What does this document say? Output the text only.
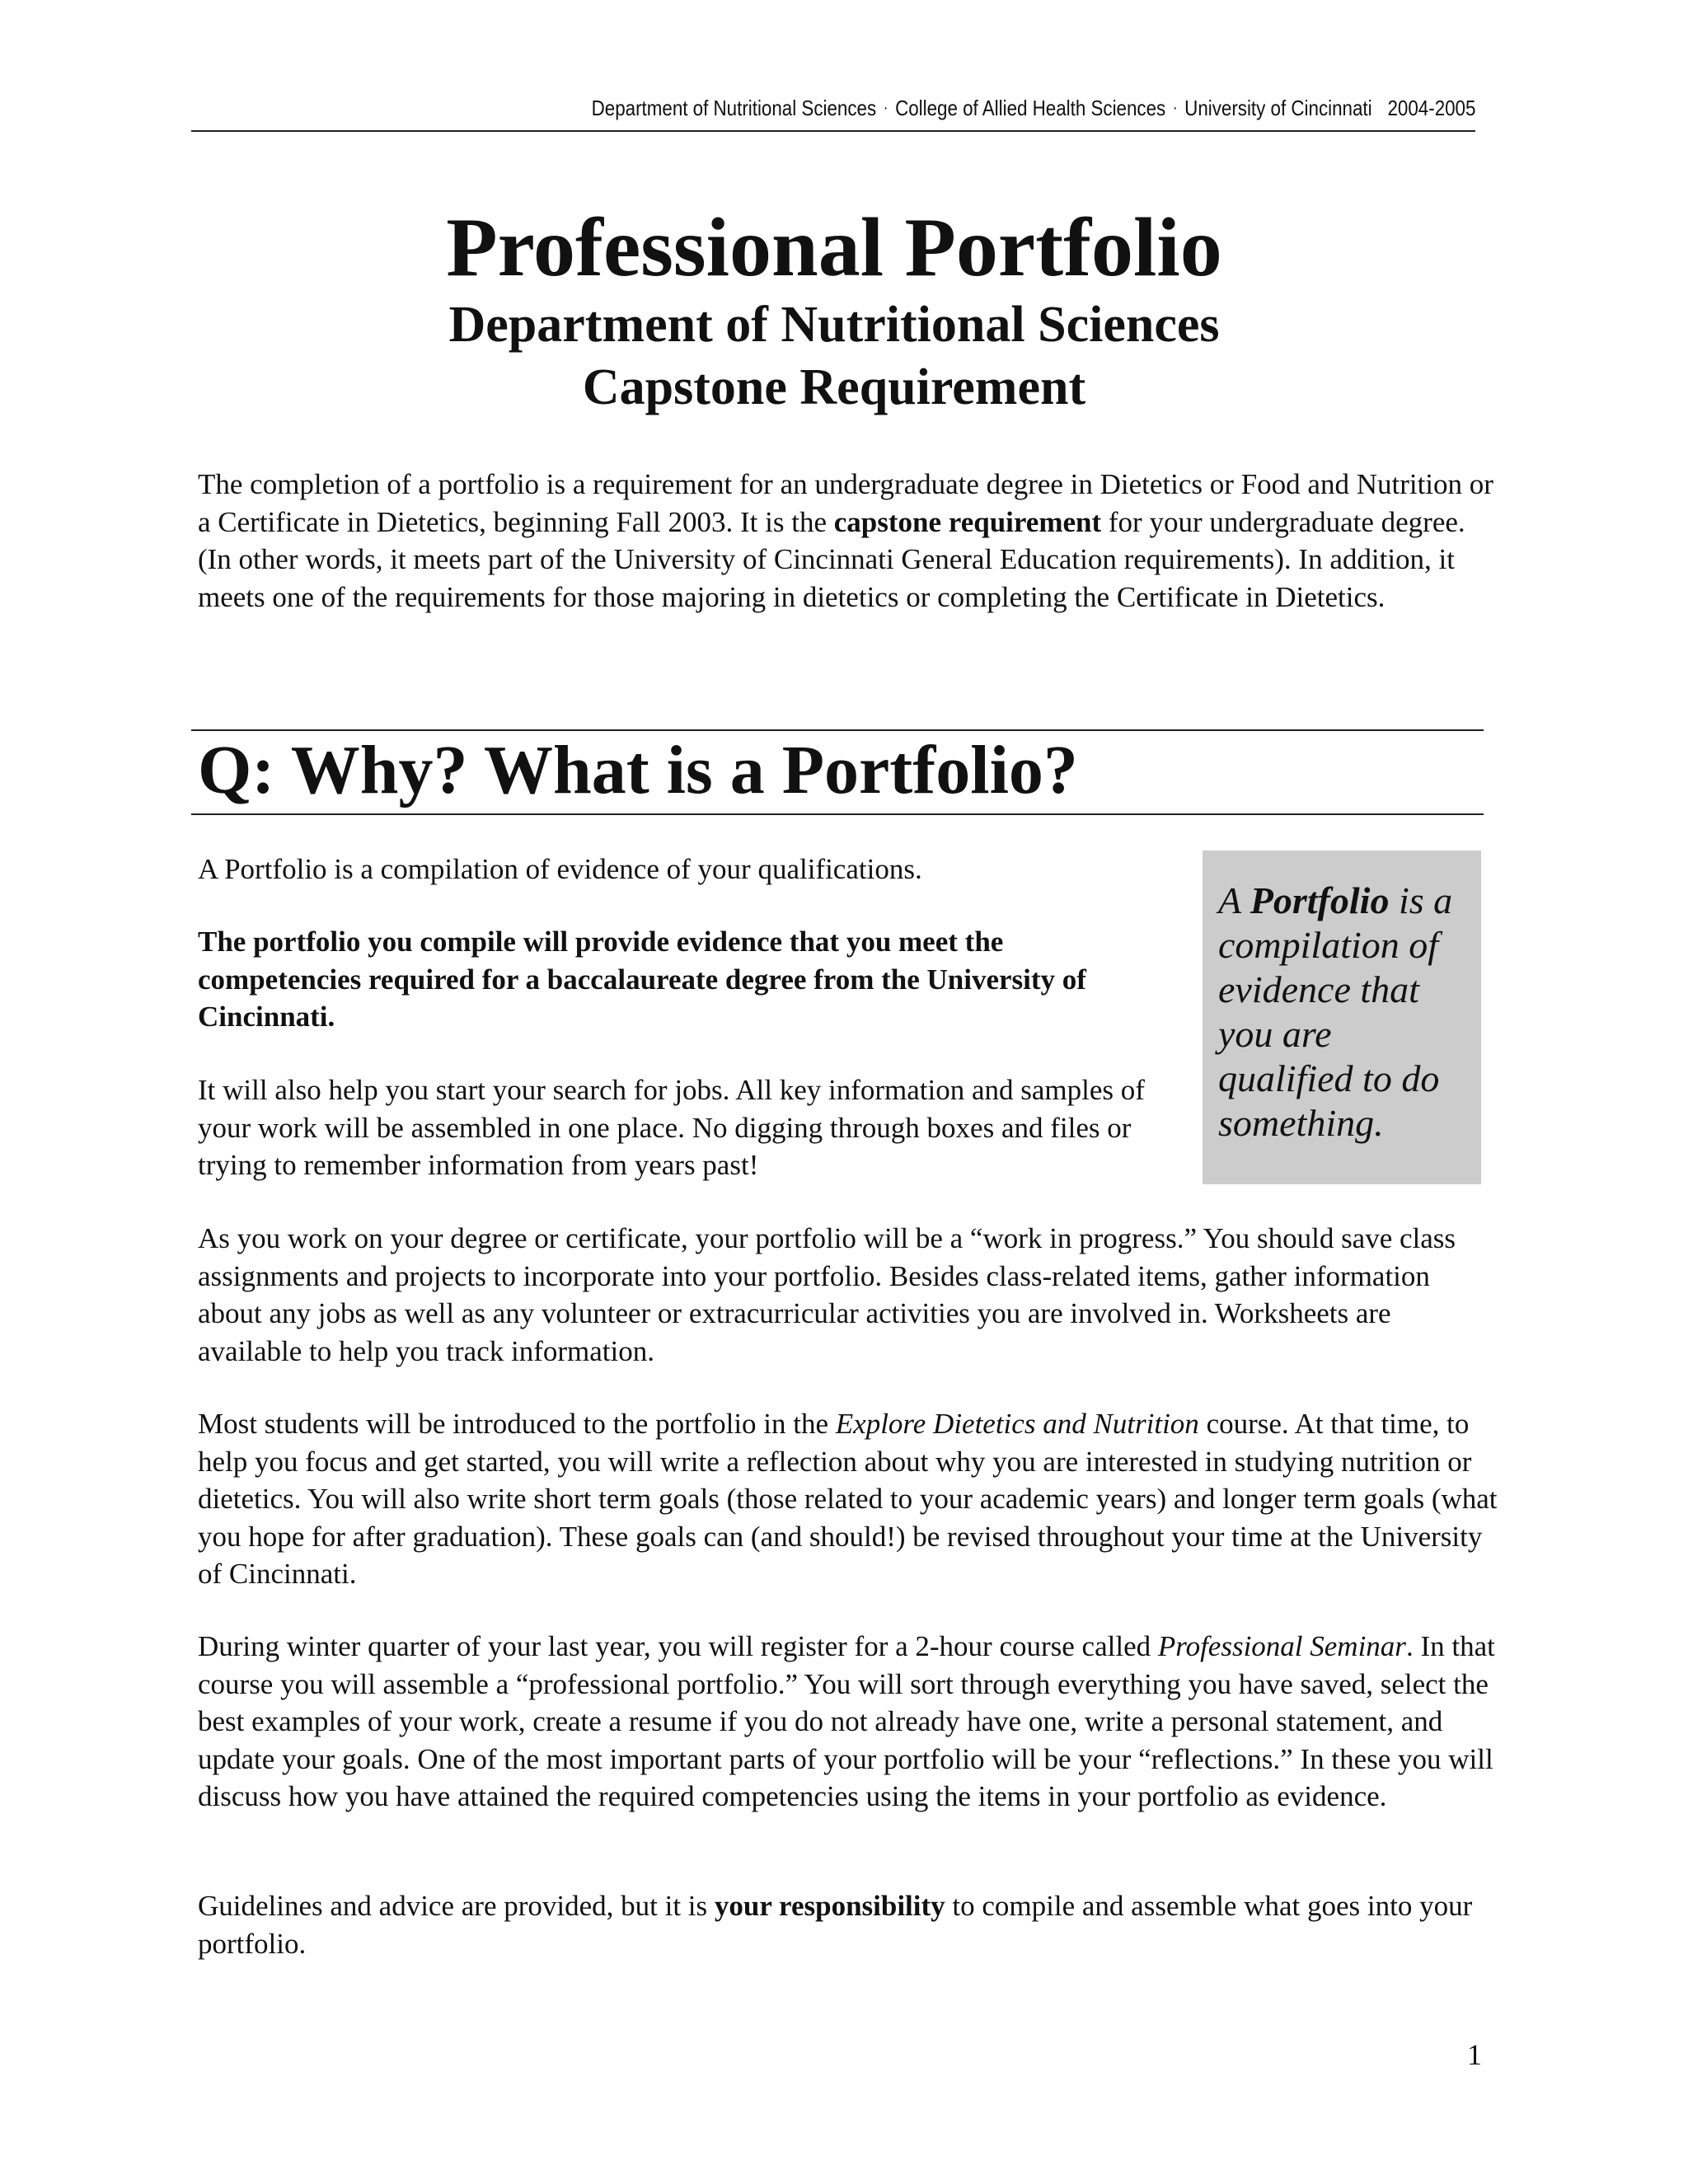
Department of Nutritional Sciences · College of Allied Health Sciences · University of Cincinnati 2004-2005
Professional Portfolio
Department of Nutritional Sciences
Capstone Requirement

The completion of a portfolio is a requirement for an undergraduate degree in Dietetics or Food and Nutrition or a Certificate in Dietetics, beginning Fall 2003. It is the capstone requirement for your undergraduate degree. (In other words, it meets part of the University of Cincinnati General Education requirements). In addition, it meets one of the requirements for those majoring in dietetics or completing the Certificate in Dietetics.

Q: Why? What is a Portfolio?

A Portfolio is a compilation of evidence of your qualifications.

The portfolio you compile will provide evidence that you meet the competencies required for a baccalaureate degree from the University of Cincinnati.

It will also help you start your search for jobs. All key information and samples of your work will be assembled in one place. No digging through boxes and files or trying to remember information from years past!

A Portfolio is a compilation of evidence that you are qualified to do something.

As you work on your degree or certificate, your portfolio will be a “work in progress.” You should save class assignments and projects to incorporate into your portfolio. Besides class-related items, gather information about any jobs as well as any volunteer or extracurricular activities you are involved in. Worksheets are available to help you track information.

Most students will be introduced to the portfolio in the Explore Dietetics and Nutrition course. At that time, to help you focus and get started, you will write a reflection about why you are interested in studying nutrition or dietetics. You will also write short term goals (those related to your academic years) and longer term goals (what you hope for after graduation). These goals can (and should!) be revised throughout your time at the University of Cincinnati.

During winter quarter of your last year, you will register for a 2-hour course called Professional Seminar. In that course you will assemble a “professional portfolio.” You will sort through everything you have saved, select the best examples of your work, create a resume if you do not already have one, write a personal statement, and update your goals. One of the most important parts of your portfolio will be your “reflections.” In these you will discuss how you have attained the required competencies using the items in your portfolio as evidence.

Guidelines and advice are provided, but it is your responsibility to compile and assemble what goes into your portfolio.

1
